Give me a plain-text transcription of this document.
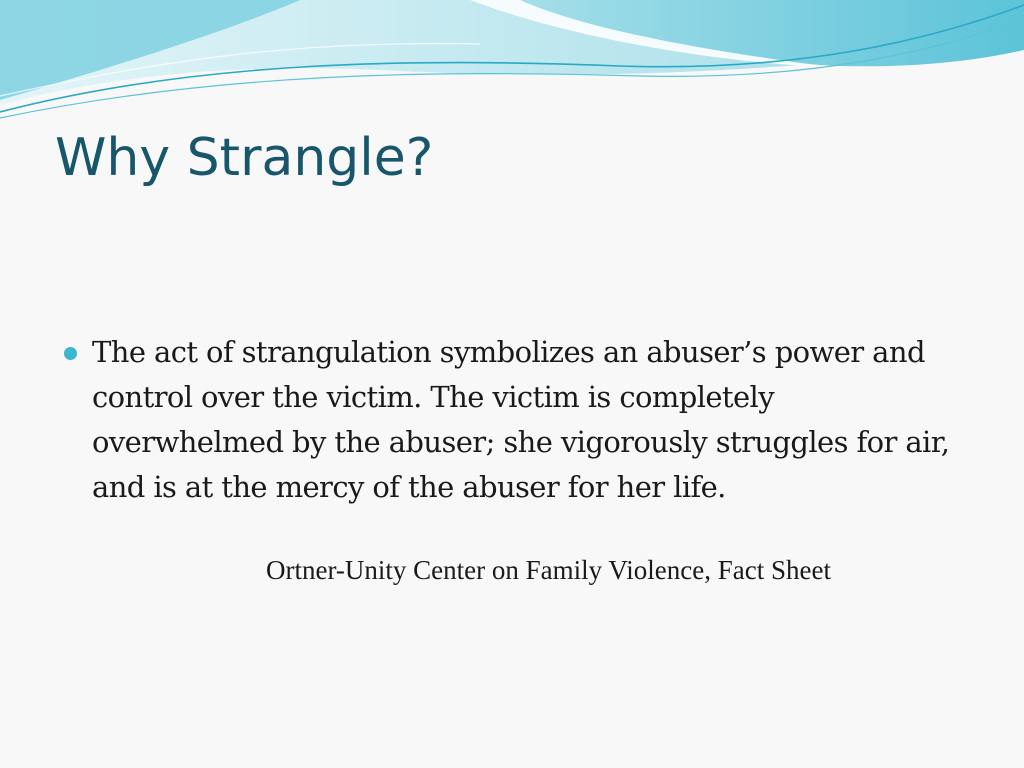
Why Strangle?
The act of strangulation symbolizes an abuser’s power and control over the victim. The victim is completely overwhelmed by the abuser; she vigorously struggles for air, and is at the mercy of the abuser for her life.
Ortner-Unity Center on Family Violence, Fact Sheet
